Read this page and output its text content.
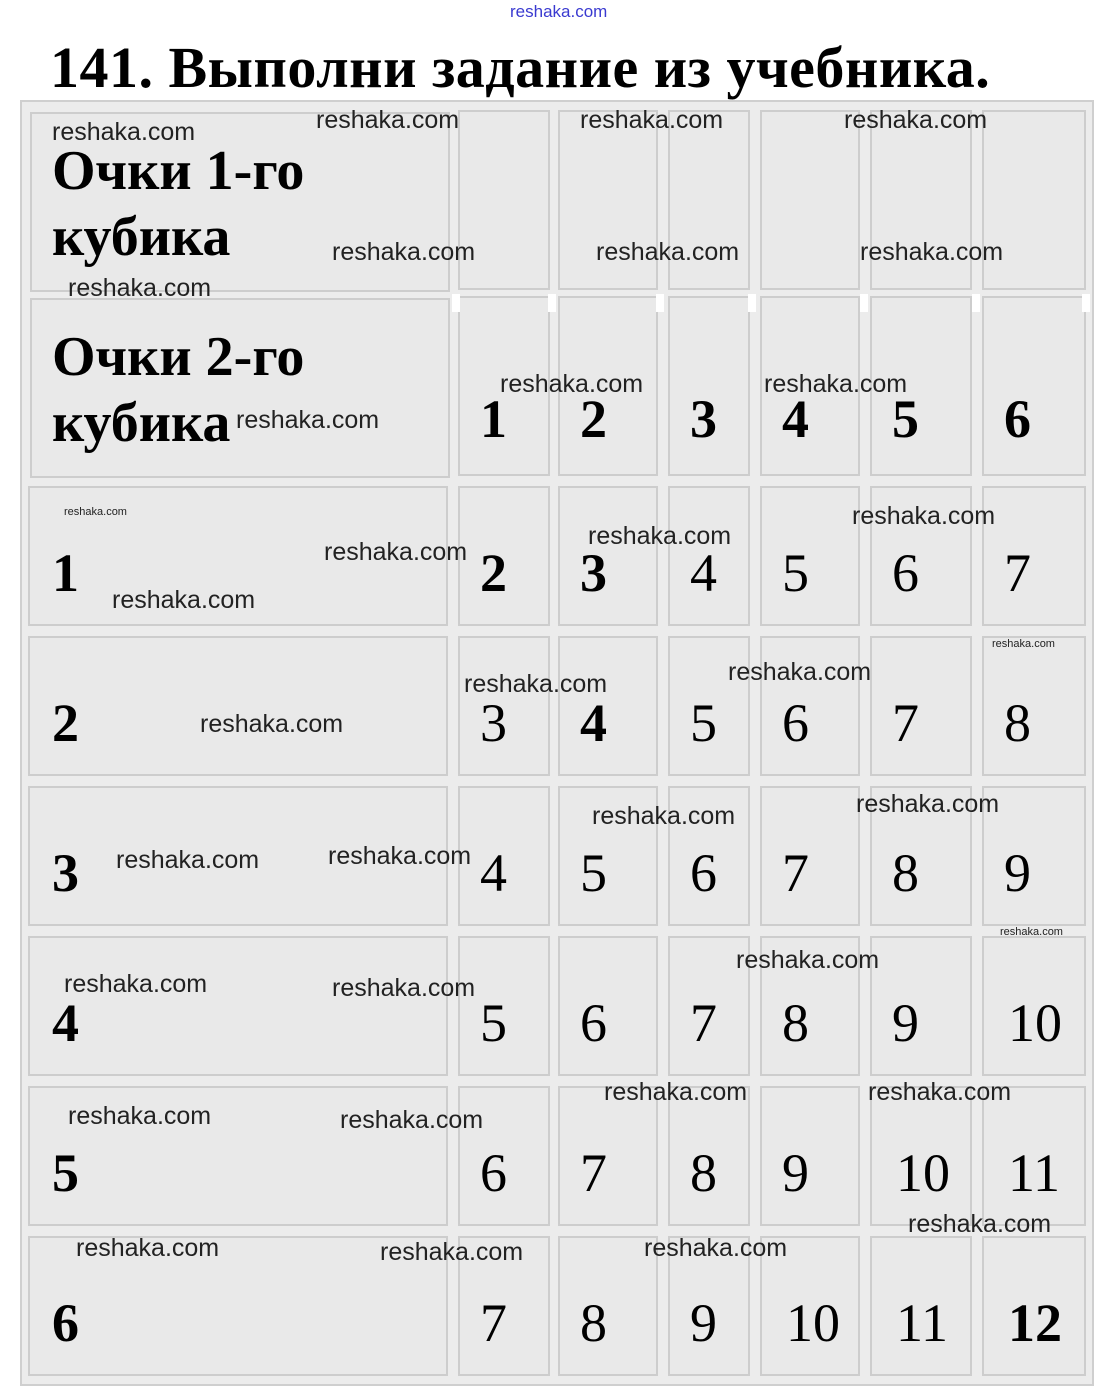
reshaka.com
141. Выполни задание из учебника.
Очки 1-го
кубика
Очки 2-го
кубика	1 2 3 4 5 6
1	2 3 4 5 6 7
2	3 4 5 6 7 8
3	4 5 6 7 8 9
4	5 6 7 8 9 10
5	6 7 8 9 10 11
6	7 8 9 10 11 12
reshaka.com	reshaka.com	reshaka.com	reshaka.com
reshaka.com	reshaka.com	reshaka.com
reshaka.com
reshaka.com	reshaka.com
reshaka.com
reshaka.com
reshaka.com
reshaka.com
reshaka.com
reshaka.com
reshaka.com	reshaka.com
reshaka.com
reshaka.com
reshaka.com	reshaka.com
reshaka.com	reshaka.com
reshaka.com
reshaka.com
reshaka.com	reshaka.com
reshaka.com	reshaka.com
reshaka.com	reshaka.com
reshaka.com
reshaka.com	reshaka.com
reshaka.com
